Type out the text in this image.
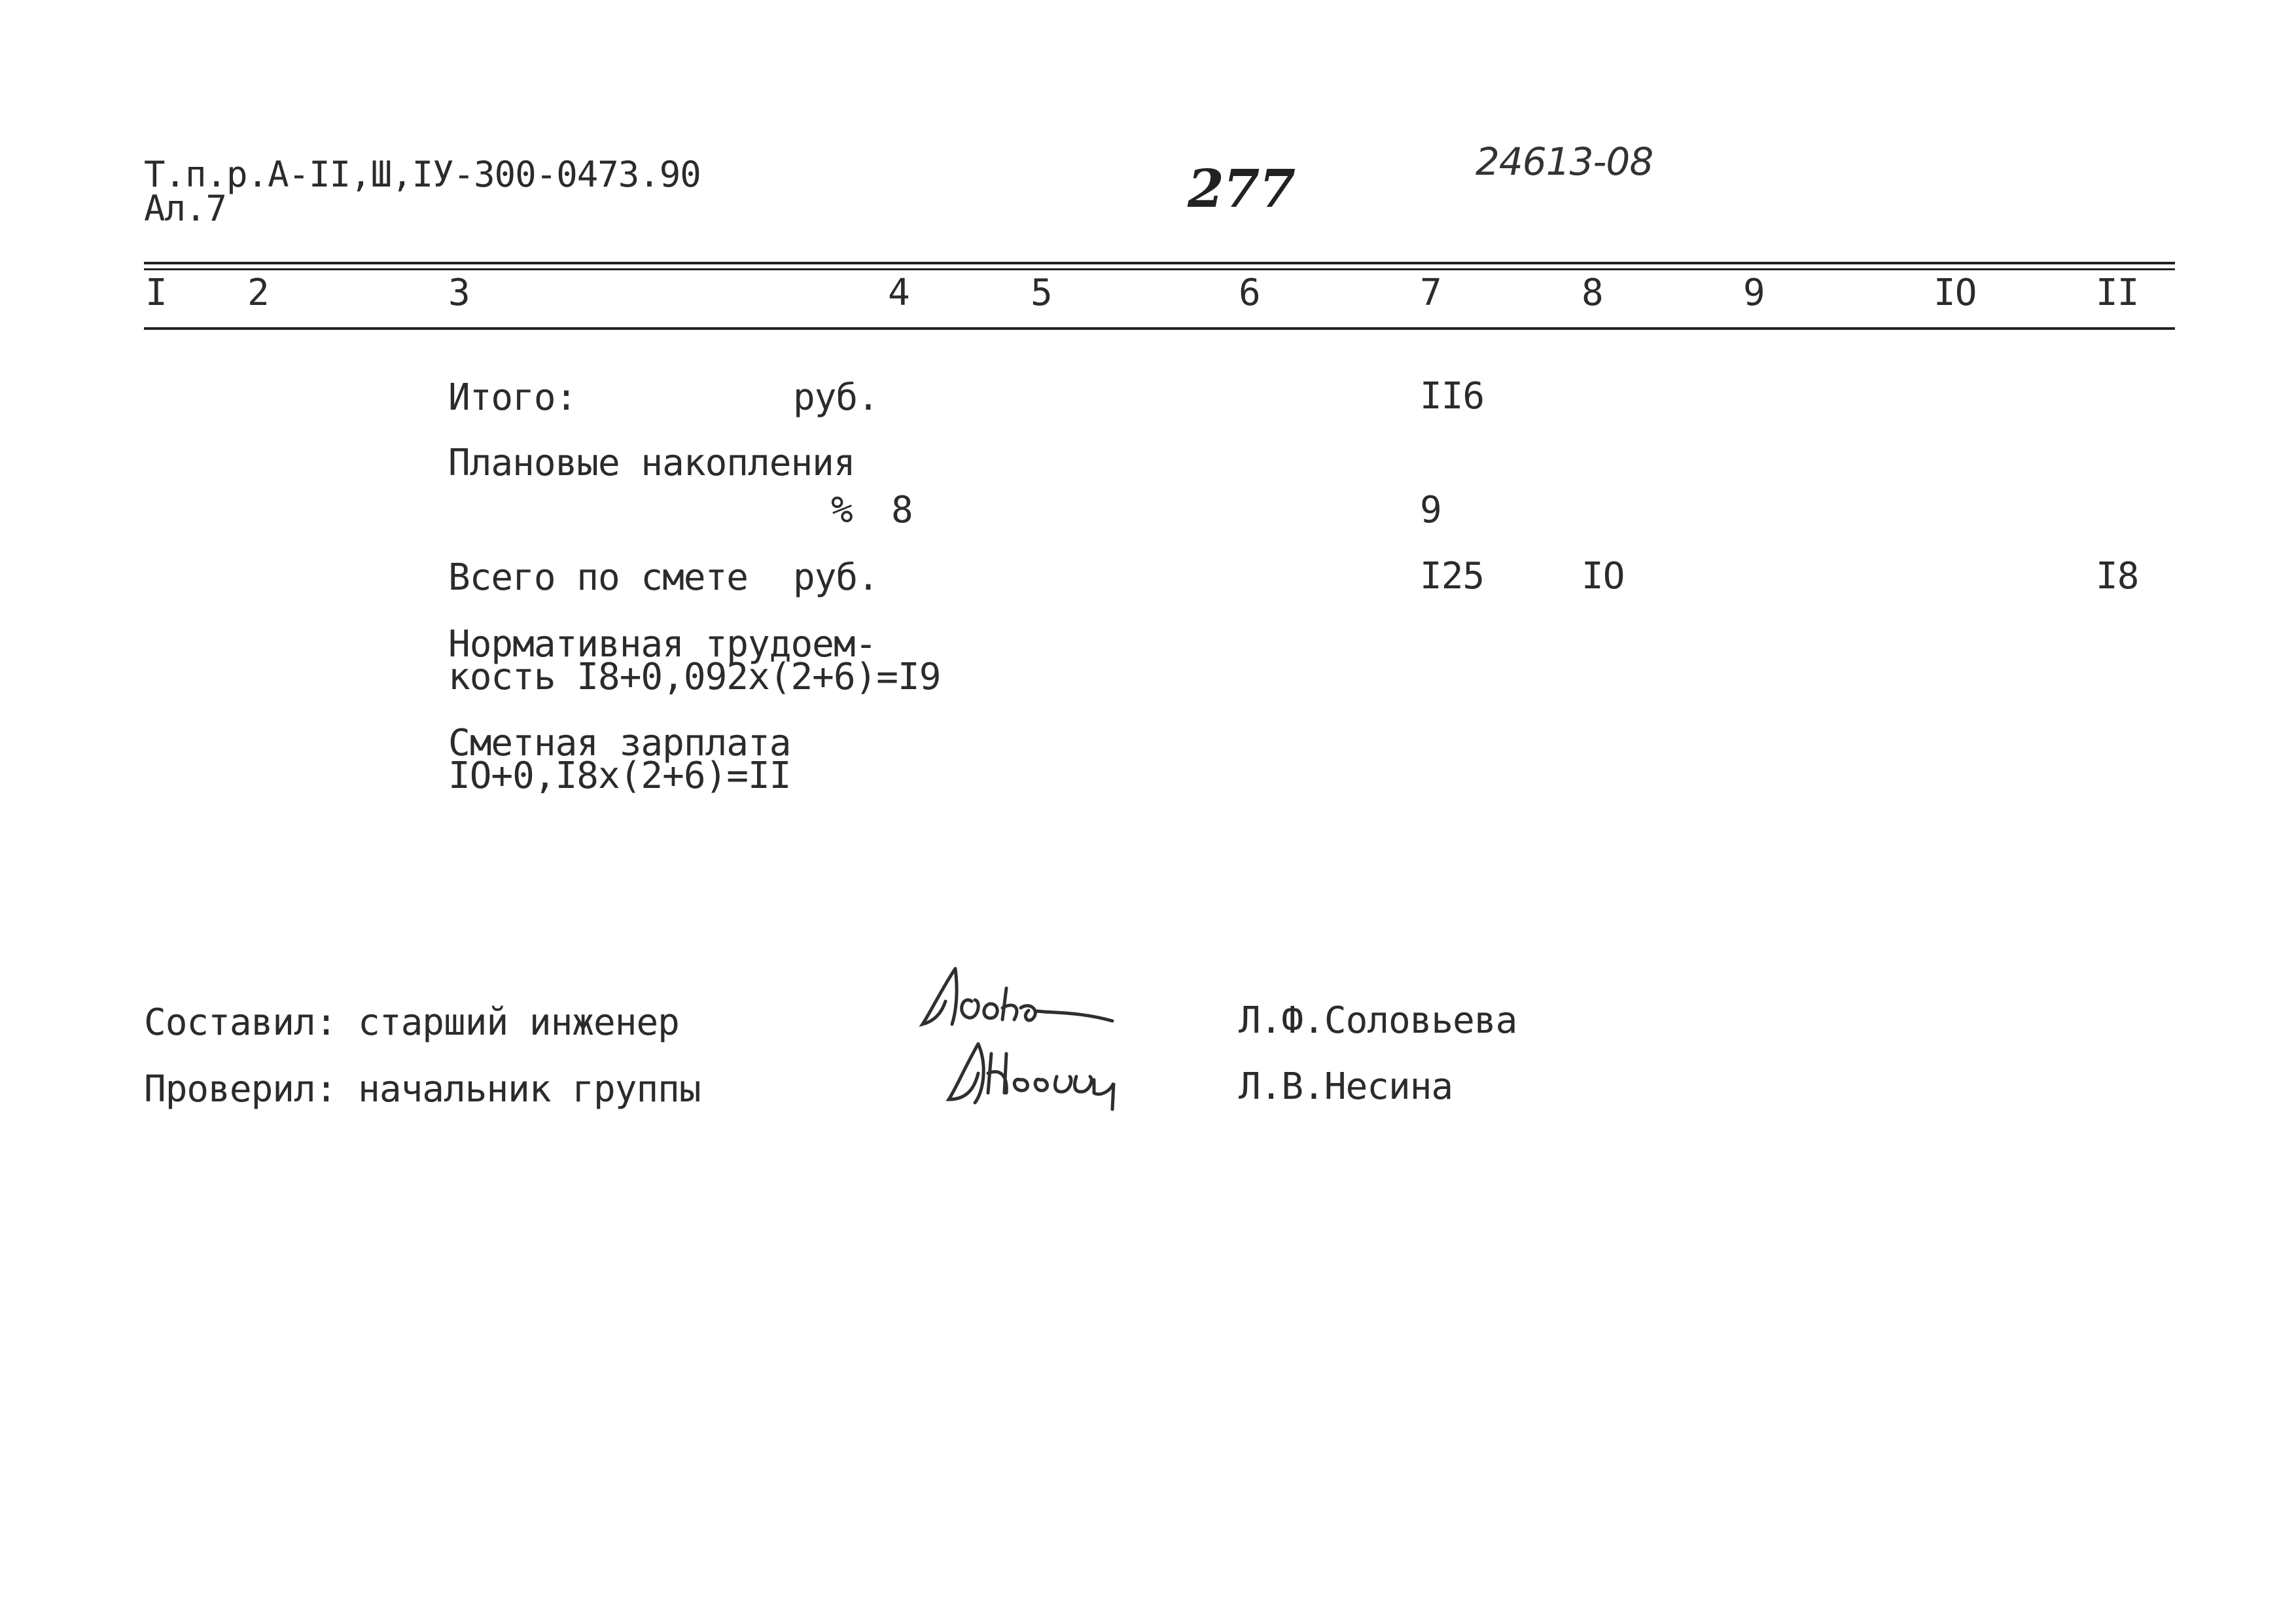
Т.п.р.А-II,Ш,IУ-300-0473.90
Ал.7	277	24613-08
I 2	3	4	5	6	7	8	9	IO	II
Итого:	руб.	II6
Плановые накопления
% 8	9
Всего по смете руб.	I25	IO	I8
Нормативная трудоем-
кость I8+0,092х(2+6)=I9
Сметная зарплата
IO+0,I8х(2+6)=II
Составил: старший инженер	Л.Ф.Соловьева
Проверил: начальник группы	Л.В.Несина
